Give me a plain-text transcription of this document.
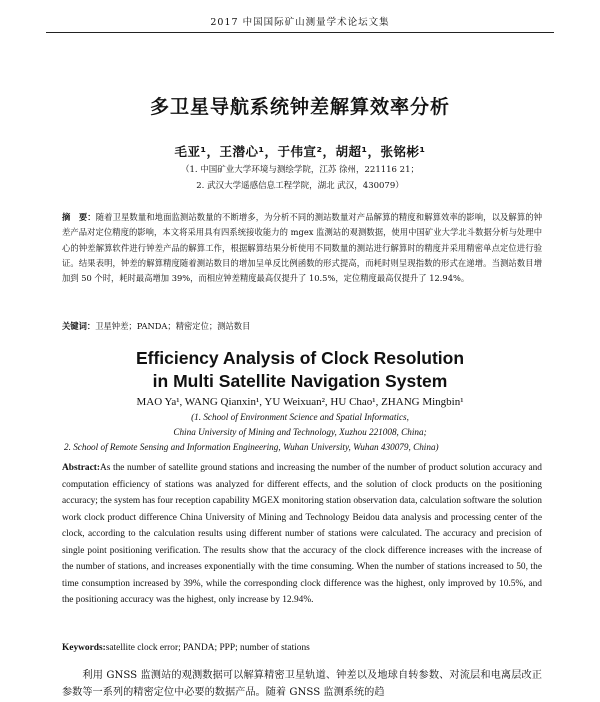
2017 中国国际矿山测量学术论坛文集
多卫星导航系统钟差解算效率分析
毛亚¹，王潜心¹，于伟宣²，胡超¹，张铭彬¹
（1. 中国矿业大学环境与测绘学院，江苏 徐州，221116 21；
2. 武汉大学遥感信息工程学院，湖北 武汉，430079）
摘　要：随着卫星数量和地面监测站数量的不断增多，为分析不同的测站数量对产品解算的精度和解算效率的影响，以及解算的钟差产品对定位精度的影响，本文将采用具有四系统接收能力的 mgex 监测站的观测数据，使用中国矿业大学北斗数据分析与处理中心的钟差解算软件进行钟差产品的解算工作，根据解算结果分析使用不同数量的测站进行解算时的精度并采用精密单点定位进行验证。结果表明，钟差的解算精度随着测站数目的增加呈单反比例函数的形式提高，而耗时则呈现指数的形式在递增。当测站数目增加到 50 个时，耗时最高增加 39%，而相应钟差精度最高仅提升了 10.5%，定位精度最高仅提升了 12.94%。
关键词：卫星钟差；PANDA；精密定位；测站数目
Efficiency Analysis of Clock Resolution
in Multi Satellite Navigation System
MAO Ya¹, WANG Qianxin¹, YU Weixuan², HU Chao¹, ZHANG Mingbin¹
(1. School of Environment Science and Spatial Informatics,
China University of Mining and Technology, Xuzhou 221008, China;
2. School of Remote Sensing and Information Engineering, Wuhan University, Wuhan 430079, China)
Abstract:As the number of satellite ground stations and increasing the number of the number of product solution accuracy and computation efficiency of stations was analyzed for different effects, and the solution of clock products on the positioning accuracy; the system has four reception capability MGEX monitoring station observation data, calculation software the solution work clock product difference China University of Mining and Technology Beidou data analysis and processing center of the clock, according to the calculation results using different number of stations were calculated. The accuracy and precision of single point positioning verification. The results show that the accuracy of the clock difference increases with the increase of the number of stations, and increases exponentially with the time consuming. When the number of stations increased to 50, the time consumption increased by 39%, while the corresponding clock difference was the highest, only improved by 10.5%, and the positioning accuracy was the highest, only increase by 12.94%.
Keywords:satellite clock error; PANDA; PPP; number of stations
利用 GNSS 监测站的观测数据可以解算精密卫星轨道、钟差以及地球自转参数、对流层和电离层改正参数等一系列的精密定位中必要的数据产品。随着 GNSS 监测系统的趋
